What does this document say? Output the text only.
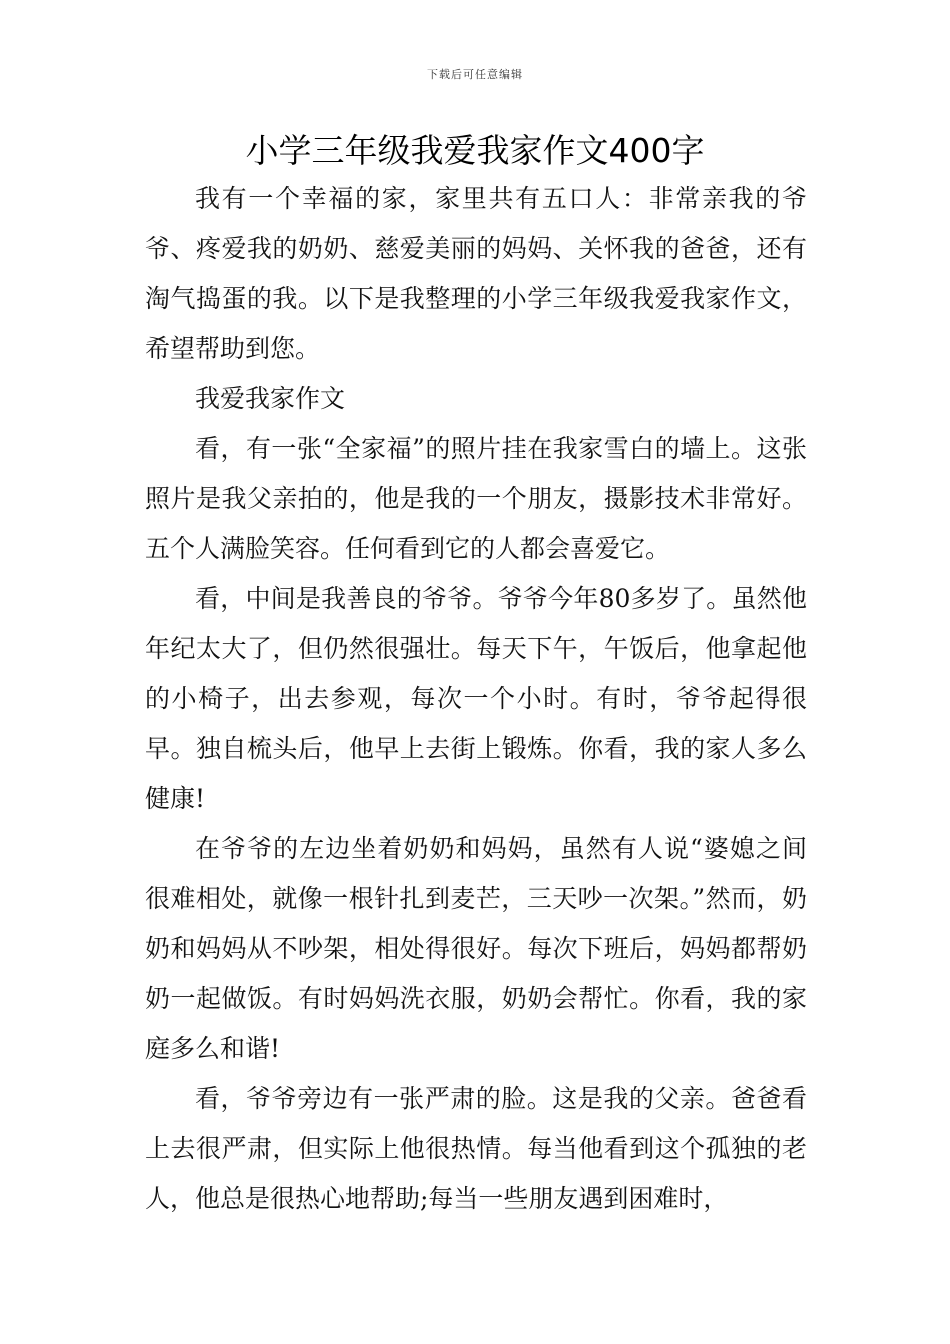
下载后可任意编辑
小学三年级我爱我家作文400字

我有一个幸福的家，家里共有五口人：非常亲我的爷爷、疼爱我的奶奶、慈爱美丽的妈妈、关怀我的爸爸，还有淘气捣蛋的我。以下是我整理的小学三年级我爱我家作文，希望帮助到您。

我爱我家作文

看，有一张“全家福”的照片挂在我家雪白的墙上。这张照片是我父亲拍的，他是我的一个朋友，摄影技术非常好。五个人满脸笑容。任何看到它的人都会喜爱它。

看，中间是我善良的爷爷。爷爷今年80多岁了。虽然他年纪太大了，但仍然很强壮。每天下午，午饭后，他拿起他的小椅子，出去参观，每次一个小时。有时，爷爷起得很早。独自梳头后，他早上去街上锻炼。你看，我的家人多么健康!

在爷爷的左边坐着奶奶和妈妈，虽然有人说“婆媳之间很难相处，就像一根针扎到麦芒，三天吵一次架。”然而，奶奶和妈妈从不吵架，相处得很好。每次下班后，妈妈都帮奶奶一起做饭。有时妈妈洗衣服，奶奶会帮忙。你看，我的家庭多么和谐!

看，爷爷旁边有一张严肃的脸。这是我的父亲。爸爸看上去很严肃，但实际上他很热情。每当他看到这个孤独的老人，他总是很热心地帮助;每当一些朋友遇到困难时，
